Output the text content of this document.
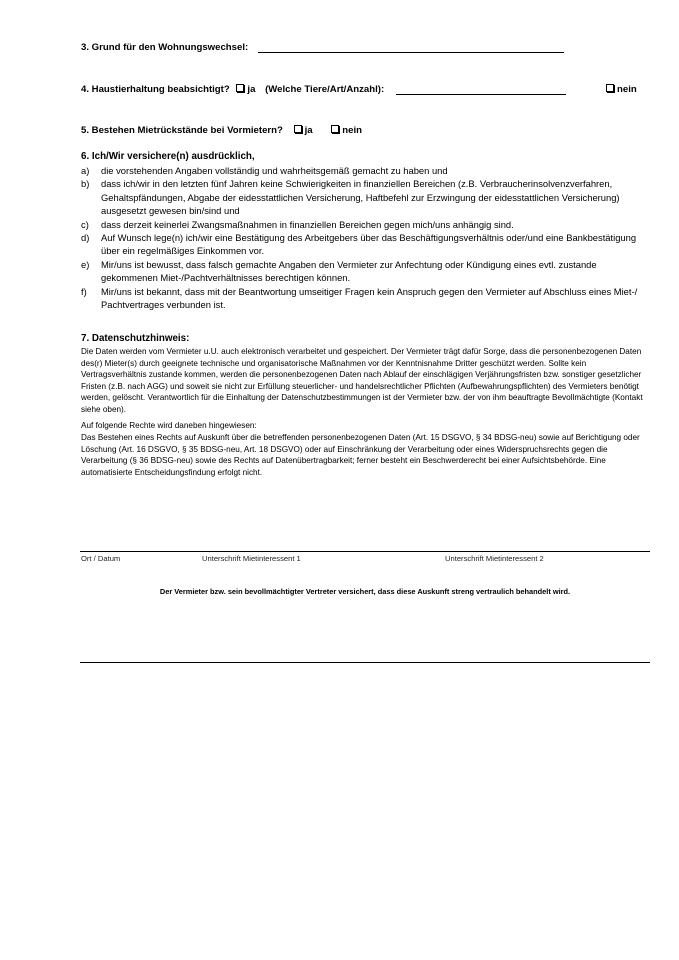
3. Grund für den Wohnungswechsel:
4. Haustierhaltung beabsichtigt? ja (Welche Tiere/Art/Anzahl):	nein
5. Bestehen Mietrückstände bei Vormietern? ja	nein
6. Ich/Wir versichere(n) ausdrücklich,
a)	die vorstehenden Angaben vollständig und wahrheitsgemäß gemacht zu haben und
b)	dass ich/wir in den letzten fünf Jahren keine Schwierigkeiten in finanziellen Bereichen (z.B. Verbraucherinsolvenzverfahren, Gehaltspfändungen, Abgabe der eidesstattlichen Versicherung, Haftbefehl zur Erzwingung der eidesstattlichen Versicherung) ausgesetzt gewesen bin/sind und
c)	dass derzeit keinerlei Zwangsmaßnahmen in finanziellen Bereichen gegen mich/uns anhängig sind.
d)	Auf Wunsch lege(n) ich/wir eine Bestätigung des Arbeitgebers über das Beschäftigungsverhältnis oder/und eine Bankbestätigung über ein regelmäßiges Einkommen vor.
e)	Mir/uns ist bewusst, dass falsch gemachte Angaben den Vermieter zur Anfechtung oder Kündigung eines evtl. zustande gekommenen Miet-/Pachtverhältnisses berechtigen können.
f)	Mir/uns ist bekannt, dass mit der Beantwortung umseitiger Fragen kein Anspruch gegen den Vermieter auf Abschluss eines Miet-/ Pachtvertrages verbunden ist.
7. Datenschutzhinweis:
Die Daten werden vom Vermieter u.U. auch elektronisch verarbeitet und gespeichert. Der Vermieter trägt dafür Sorge, dass die personenbezogenen Daten des(r) Mieter(s) durch geeignete technische und organisatorische Maßnahmen vor der Kenntnisnahme Dritter geschützt werden. Sollte kein Vertragsverhältnis zustande kommen, werden die personenbezogenen Daten nach Ablauf der einschlägigen Verjährungsfristen bzw. sonstiger gesetzlicher Fristen (z.B. nach AGG) und soweit sie nicht zur Erfüllung steuerlicher- und handelsrechtlicher Pflichten (Aufbewahrungspflichten) des Vermieters benötigt werden, gelöscht. Verantwortlich für die Einhaltung der Datenschutzbestimmungen ist der Vermieter bzw. der von ihm beauftragte Bevollmächtigte (Kontakt siehe oben).
Auf folgende Rechte wird daneben hingewiesen:
Das Bestehen eines Rechts auf Auskunft über die betreffenden personenbezogenen Daten (Art. 15 DSGVO, § 34 BDSG-neu) sowie auf Berichtigung oder Löschung (Art. 16 DSGVO, § 35 BDSG-neu, Art. 18 DSGVO) oder auf Einschränkung der Verarbeitung oder eines Widerspruchsrechts gegen die Verarbeitung (§ 36 BDSG-neu) sowie des Rechts auf Datenübertragbarkeit; ferner besteht ein Beschwerderecht bei einer Aufsichtsbehörde. Eine automatisierte Entscheidungsfindung erfolgt nicht.
Ort / Datum	Unterschrift Mietinteressent 1	Unterschrift Mietinteressent 2
Der Vermieter bzw. sein bevollmächtigter Vertreter versichert, dass diese Auskunft streng vertraulich behandelt wird.
